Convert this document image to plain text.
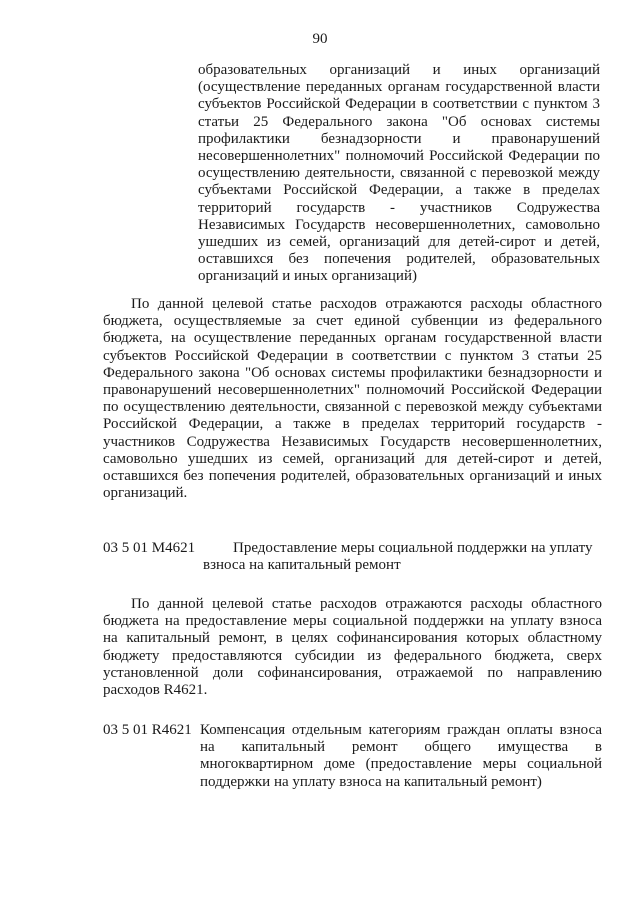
90
образовательных организаций и иных организаций (осуществление переданных органам государственной власти субъектов Российской Федерации в соответствии с пунктом 3 статьи 25 Федерального закона "Об основах системы профилактики безнадзорности и правонарушений несовершеннолетних" полномочий Российской Федерации по осуществлению деятельности, связанной с перевозкой между субъектами Российской Федерации, а также в пределах территорий государств - участников Содружества Независимых Государств несовершеннолетних, самовольно ушедших из семей, организаций для детей-сирот и детей, оставшихся без попечения родителей, образовательных организаций и иных организаций)
По данной целевой статье расходов отражаются расходы областного бюджета, осуществляемые за счет единой субвенции из федерального бюджета, на осуществление переданных органам государственной власти субъектов Российской Федерации в соответствии с пунктом 3 статьи 25 Федерального закона "Об основах системы профилактики безнадзорности и правонарушений несовершеннолетних" полномочий Российской Федерации по осуществлению деятельности, связанной с перевозкой между субъектами Российской Федерации, а также в пределах территорий государств - участников Содружества Независимых Государств несовершеннолетних, самовольно ушедших из семей, организаций для детей-сирот и детей, оставшихся без попечения родителей, образовательных организаций и иных организаций.
03 5 01 M4621	Предоставление меры социальной поддержки на уплату
взноса на капитальный ремонт
По данной целевой статье расходов отражаются расходы областного бюджета на предоставление меры социальной поддержки на уплату взноса на капитальный ремонт, в целях софинансирования которых областному бюджету предоставляются субсидии из федерального бюджета, сверх установленной доли софинансирования, отражаемой по направлению расходов R4621.
03 5 01 R4621 Компенсация отдельным категориям граждан оплаты взноса на капитальный ремонт общего имущества в многоквартирном доме (предоставление меры социальной поддержки на уплату взноса на капитальный ремонт)
